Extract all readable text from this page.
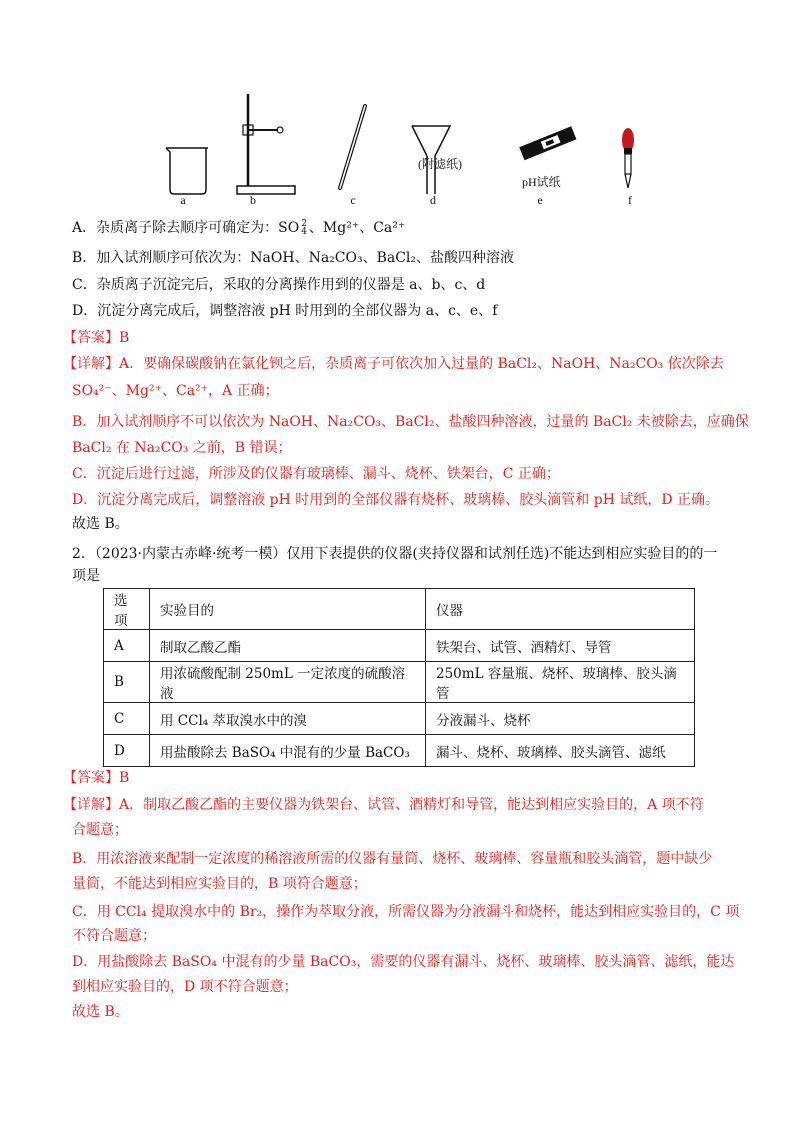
(附滤纸)
pH试纸
a	b	c	d	e	f
A．杂质离子除去顺序可确定为：SO 2
4 、Mg²⁺、Ca²⁺
B．加入试剂顺序可依次为：NaOH、Na₂CO₃、BaCl₂、盐酸四种溶液
C．杂质离子沉淀完后，采取的分离操作用到的仪器是 a、b、c、d
D．沉淀分离完成后，调整溶液 pH 时用到的全部仪器为 a、c、e、f
【答案】B
【详解】A．要确保碳酸钠在氯化钡之后，杂质离子可依次加入过量的 BaCl₂、NaOH、Na₂CO₃ 依次除去
SO₄²⁻、Mg²⁺、Ca²⁺，A 正确；
B．加入试剂顺序不可以依次为 NaOH、Na₂CO₃、BaCl₂、盐酸四种溶液，过量的 BaCl₂ 未被除去，应确保
BaCl₂ 在 Na₂CO₃ 之前，B 错误；
C．沉淀后进行过滤，所涉及的仪器有玻璃棒、漏斗、烧杯、铁架台，C 正确；
D．沉淀分离完成后，调整溶液 pH 时用到的全部仪器有烧杯、玻璃棒、胶头滴管和 pH 试纸，D 正确。
故选 B。
2．（2023·内蒙古赤峰·统考一模）仅用下表提供的仪器(夹持仪器和试剂任选)不能达到相应实验目的的一
项是
选项	实验目的	仪器
A	制取乙酸乙酯	铁架台、试管、酒精灯、导管
B	用浓硫酸配制 250mL 一定浓度的硫酸溶液	250mL 容量瓶、烧杯、玻璃棒、胶头滴管
C	用 CCl₄ 萃取溴水中的溴	分液漏斗、烧杯
D	用盐酸除去 BaSO₄ 中混有的少量 BaCO₃	漏斗、烧杯、玻璃棒、胶头滴管、滤纸
【答案】B
【详解】A．制取乙酸乙酯的主要仪器为铁架台、试管、酒精灯和导管，能达到相应实验目的，A 项不符
合题意；
B．用浓溶液来配制一定浓度的稀溶液所需的仪器有量筒、烧杯、玻璃棒、容量瓶和胶头滴管，题中缺少
量筒，不能达到相应实验目的，B 项符合题意；
C．用 CCl₄ 提取溴水中的 Br₂，操作为萃取分液，所需仪器为分液漏斗和烧杯，能达到相应实验目的，C 项
不符合题意；
D．用盐酸除去 BaSO₄ 中混有的少量 BaCO₃，需要的仪器有漏斗、烧杯、玻璃棒、胶头滴管、滤纸，能达
到相应实验目的，D 项不符合题意；
故选 B。
